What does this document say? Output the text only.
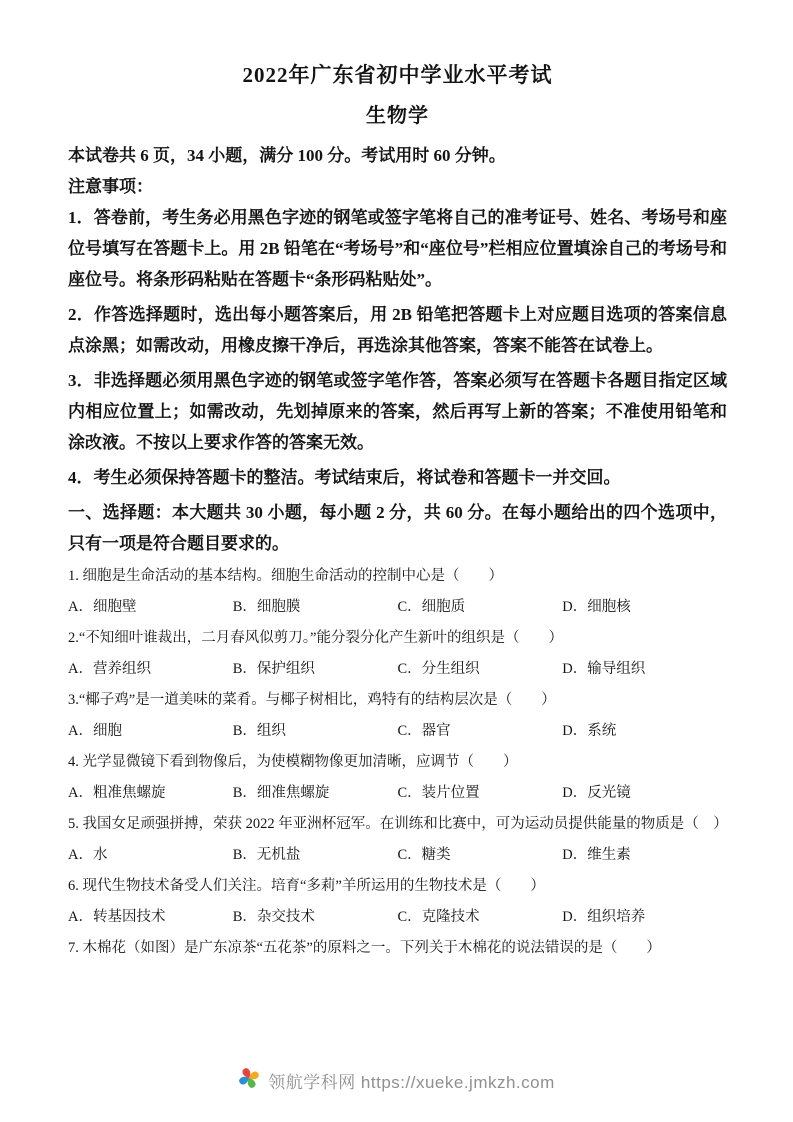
2022年广东省初中学业水平考试
生物学

本试卷共 6 页，34 小题，满分 100 分。考试用时 60 分钟。

注意事项：

1．答卷前，考生务必用黑色字迹的钢笔或签字笔将自己的准考证号、姓名、考场号和座位号填写在答题卡上。用 2B 铅笔在“考场号”和“座位号”栏相应位置填涂自己的考场号和座位号。将条形码粘贴在答题卡“条形码粘贴处”。

2．作答选择题时，选出每小题答案后，用 2B 铅笔把答题卡上对应题目选项的答案信息点涂黑；如需改动，用橡皮擦干净后，再选涂其他答案，答案不能答在试卷上。

3．非选择题必须用黑色字迹的钢笔或签字笔作答，答案必须写在答题卡各题目指定区域内相应位置上；如需改动，先划掉原来的答案，然后再写上新的答案；不准使用铅笔和涂改液。不按以上要求作答的答案无效。

4．考生必须保持答题卡的整洁。考试结束后，将试卷和答题卡一并交回。

一、选择题：本大题共 30 小题，每小题 2 分，共 60 分。在每小题给出的四个选项中，只有一项是符合题目要求的。

1. 细胞是生命活动的基本结构。细胞生命活动的控制中心是（　　）

A．细胞壁	B．细胞膜	C．细胞质	D．细胞核

2.“不知细叶谁裁出，二月春风似剪刀。”能分裂分化产生新叶的组织是（　　）

A．营养组织	B．保护组织	C．分生组织	D．输导组织

3.“椰子鸡”是一道美味的菜肴。与椰子树相比，鸡特有的结构层次是（　　）

A．细胞	B．组织	C．器官	D．系统

4. 光学显微镜下看到物像后，为使模糊物像更加清晰，应调节（　　）

A．粗准焦螺旋	B．细准焦螺旋	C．装片位置	D．反光镜

5. 我国女足顽强拼搏，荣获 2022 年亚洲杯冠军。在训练和比赛中，可为运动员提供能量的物质是（　）

A．水	B．无机盐	C．糖类	D．维生素

6. 现代生物技术备受人们关注。培育“多莉”羊所运用的生物技术是（　　）

A．转基因技术	B．杂交技术	C．克隆技术	D．组织培养

7. 木棉花（如图）是广东凉茶“五花茶”的原料之一。下列关于木棉花的说法错误的是（　　）

领航学科网 https://xueke.jmkzh.com
